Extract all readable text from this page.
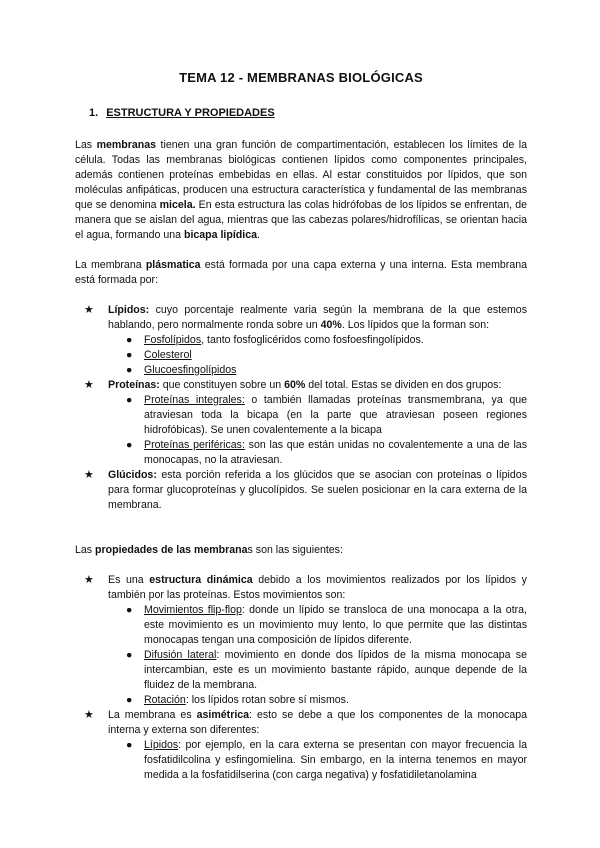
TEMA 12 - MEMBRANAS BIOLÓGICAS
1. ESTRUCTURA Y PROPIEDADES

Las membranas tienen una gran función de compartimentación, establecen los límites de la célula. Todas las membranas biológicas contienen lípidos como componentes principales, además contienen proteínas embebidas en ellas. Al estar constituidos por lípidos, que son moléculas anfipáticas, producen una estructura característica y fundamental de las membranas que se denomina micela. En esta estructura las colas hidrófobas de los lípidos se enfrentan, de manera que se aislan del agua, mientras que las cabezas polares/hidrofílicas, se orientan hacia el agua, formando una bicapa lipídica.

La membrana plásmatica está formada por una capa externa y una interna. Esta membrana está formada por:

★ Lípidos: cuyo porcentaje realmente varia según la membrana de la que estemos hablando, pero normalmente ronda sobre un 40%. Los lípidos que la forman son:
● Fosfolípidos, tanto fosfoglicéridos como fosfoesfingolípidos.
● Colesterol
● Glucoesfingolípidos
★ Proteínas: que constituyen sobre un 60% del total. Estas se dividen en dos grupos:
● Proteínas integrales: o también llamadas proteínas transmembrana, ya que atraviesan toda la bicapa (en la parte que atraviesan poseen regiones hidrofóbicas). Se unen covalentemente a la bicapa
● Proteínas periféricas: son las que están unidas no covalentemente a una de las monocapas, no la atraviesan.
★ Glúcidos: esta porción referida a los glúcidos que se asocian con proteínas o lípidos para formar glucoproteínas y glucolípidos. Se suelen posicionar en la cara externa de la membrana.

Las propiedades de las membranas son las siguientes:

★ Es una estructura dinámica debido a los movimientos realizados por los lípidos y también por las proteínas. Estos movimientos son:
● Movimientos flip-flop: donde un lípido se transloca de una monocapa a la otra, este movimiento es un movimiento muy lento, lo que permite que las distintas monocapas tengan una composición de lípidos diferente.
● Difusión lateral: movimiento en donde dos lípidos de la misma monocapa se intercambian, este es un movimiento bastante rápido, aunque depende de la fluidez de la membrana.
● Rotación: los lípidos rotan sobre sí mismos.
★ La membrana es asimétrica: esto se debe a que los componentes de la monocapa interna y externa son diferentes:
● Lípidos: por ejemplo, en la cara externa se presentan con mayor frecuencia la fosfatidilcolina y esfingomielina. Sin embargo, en la interna tenemos en mayor medida a la fosfatidilserina (con carga negativa) y fosfatidiletanolamina
